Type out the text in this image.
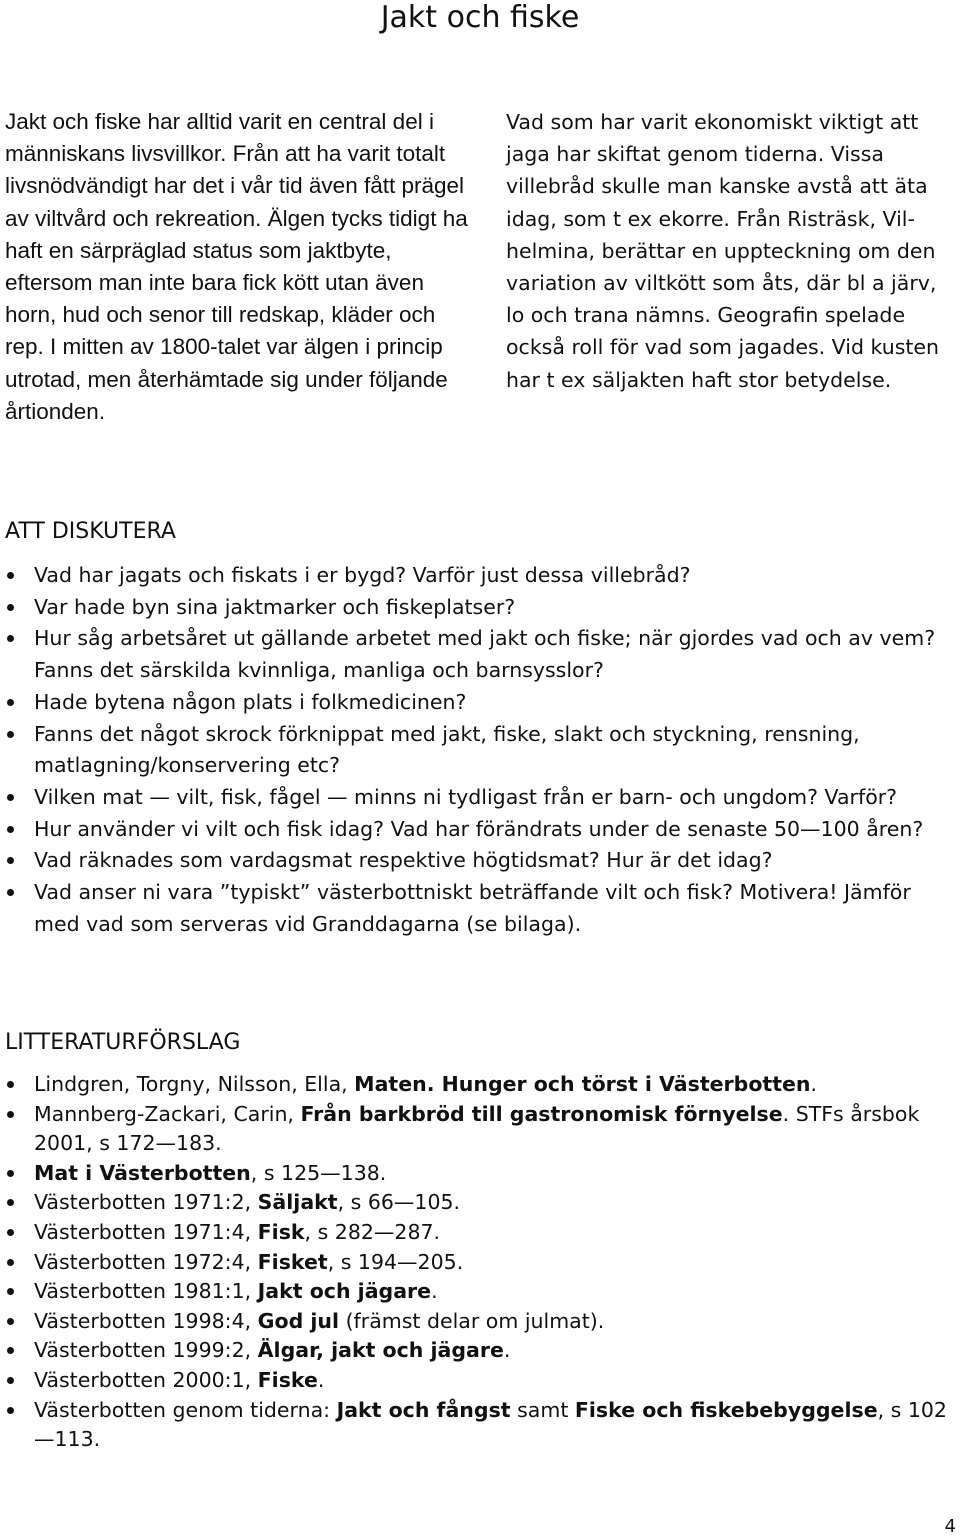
Jakt och fiske

Jakt och fiske har alltid varit en central del i människans livsvillkor. Från att ha varit totalt livsnödvändigt har det i vår tid även fått prägel av viltvård och rekreation. Älgen tycks tidigt ha haft en särpräglad status som jaktbyte, eftersom man inte bara fick kött utan även horn, hud och senor till redskap, kläder och rep. I mitten av 1800-talet var älgen i princip utrotad, men återhämtade sig under följande årtionden.

Vad som har varit ekonomiskt viktigt att jaga har skiftat genom tiderna. Vissa villebråd skulle man kanske avstå att äta idag, som t ex ekorre. Från Risträsk, Vil-
helmina, berättar en uppteckning om den variation av viltkött som åts, där bl a järv, lo och trana nämns. Geografin spelade också roll för vad som jagades. Vid kusten har t ex säljakten haft stor betydelse.

ATT DISKUTERA
Vad har jagats och fiskats i er bygd? Varför just dessa villebråd?
Var hade byn sina jaktmarker och fiskeplatser?
Hur såg arbetsåret ut gällande arbetet med jakt och fiske; när gjordes vad och av vem? Fanns det särskilda kvinnliga, manliga och barnsysslor?
Hade bytena någon plats i folkmedicinen?
Fanns det något skrock förknippat med jakt, fiske, slakt och styckning, rensning, matlagning/konservering etc?
Vilken mat — vilt, fisk, fågel — minns ni tydligast från er barn- och ungdom? Varför?
Hur använder vi vilt och fisk idag? Vad har förändrats under de senaste 50—100 åren?
Vad räknades som vardagsmat respektive högtidsmat? Hur är det idag?
Vad anser ni vara ”typiskt” västerbottniskt beträffande vilt och fisk? Motivera! Jämför med vad som serveras vid Granddagarna (se bilaga).
LITTERATURFÖRSLAG
Lindgren, Torgny, Nilsson, Ella, Maten. Hunger och törst i Västerbotten.
Mannberg-Zackari, Carin, Från barkbröd till gastronomisk förnyelse. STFs årsbok 2001, s 172—183.
Mat i Västerbotten, s 125—138.
Västerbotten 1971:2, Säljakt, s 66—105.
Västerbotten 1971:4, Fisk, s 282—287.
Västerbotten 1972:4, Fisket, s 194—205.
Västerbotten 1981:1, Jakt och jägare.
Västerbotten 1998:4, God jul (främst delar om julmat).
Västerbotten 1999:2, Älgar, jakt och jägare.
Västerbotten 2000:1, Fiske.
Västerbotten genom tiderna: Jakt och fångst samt Fiske och fiskebebyggelse, s 102—113.
4
